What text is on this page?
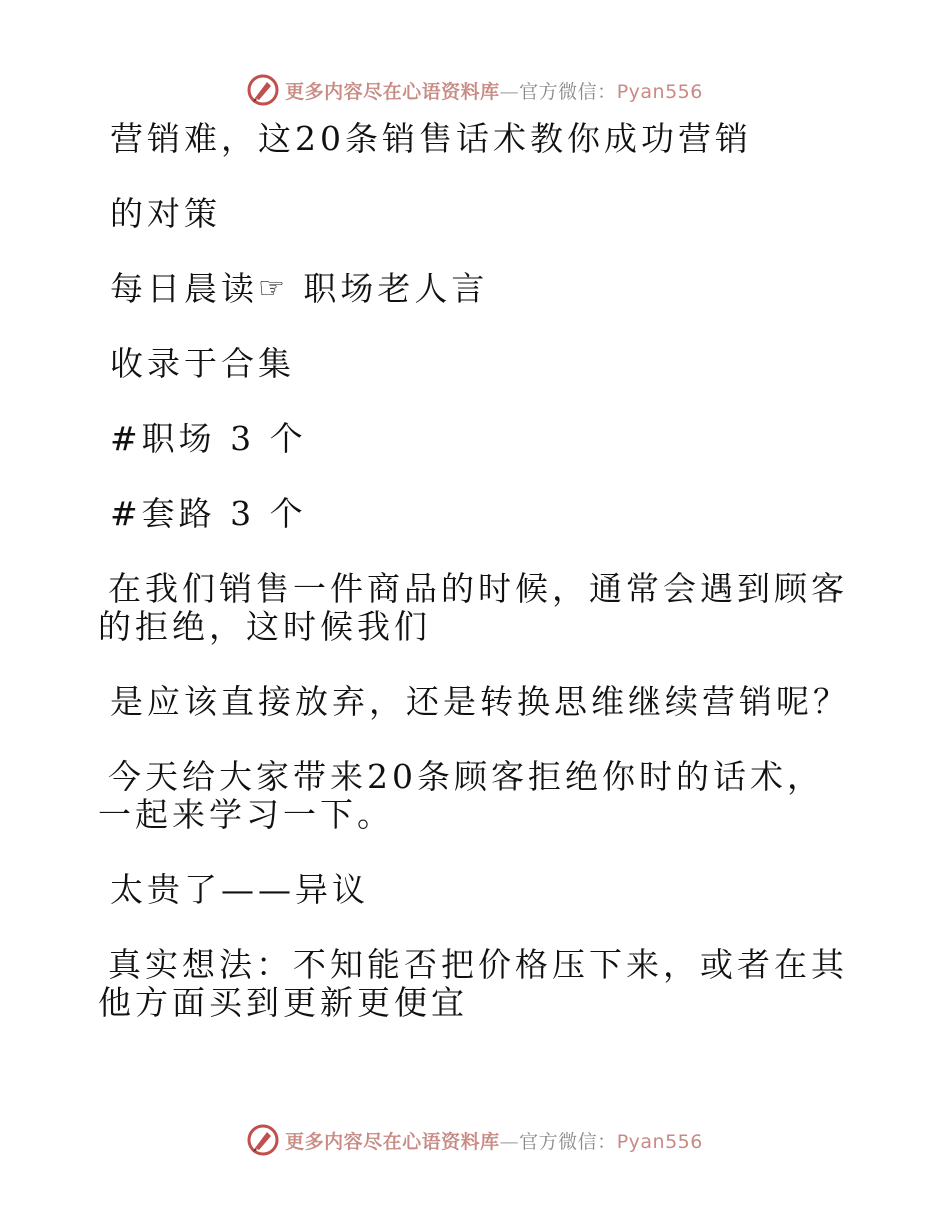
更多内容尽在心语资料库—官方微信：Pyan556

营销难，这20条销售话术教你成功营销

的对策

每日晨读☞ 职场老人言

收录于合集

#职场 3 个

#套路 3 个

在我们销售一件商品的时候，通常会遇到顾客的拒绝，这时候我们

是应该直接放弃，还是转换思维继续营销呢？

今天给大家带来20条顾客拒绝你时的话术，一起来学习一下。

太贵了——异议

真实想法：不知能否把价格压下来，或者在其他方面买到更新更便宜

更多内容尽在心语资料库—官方微信：Pyan556
